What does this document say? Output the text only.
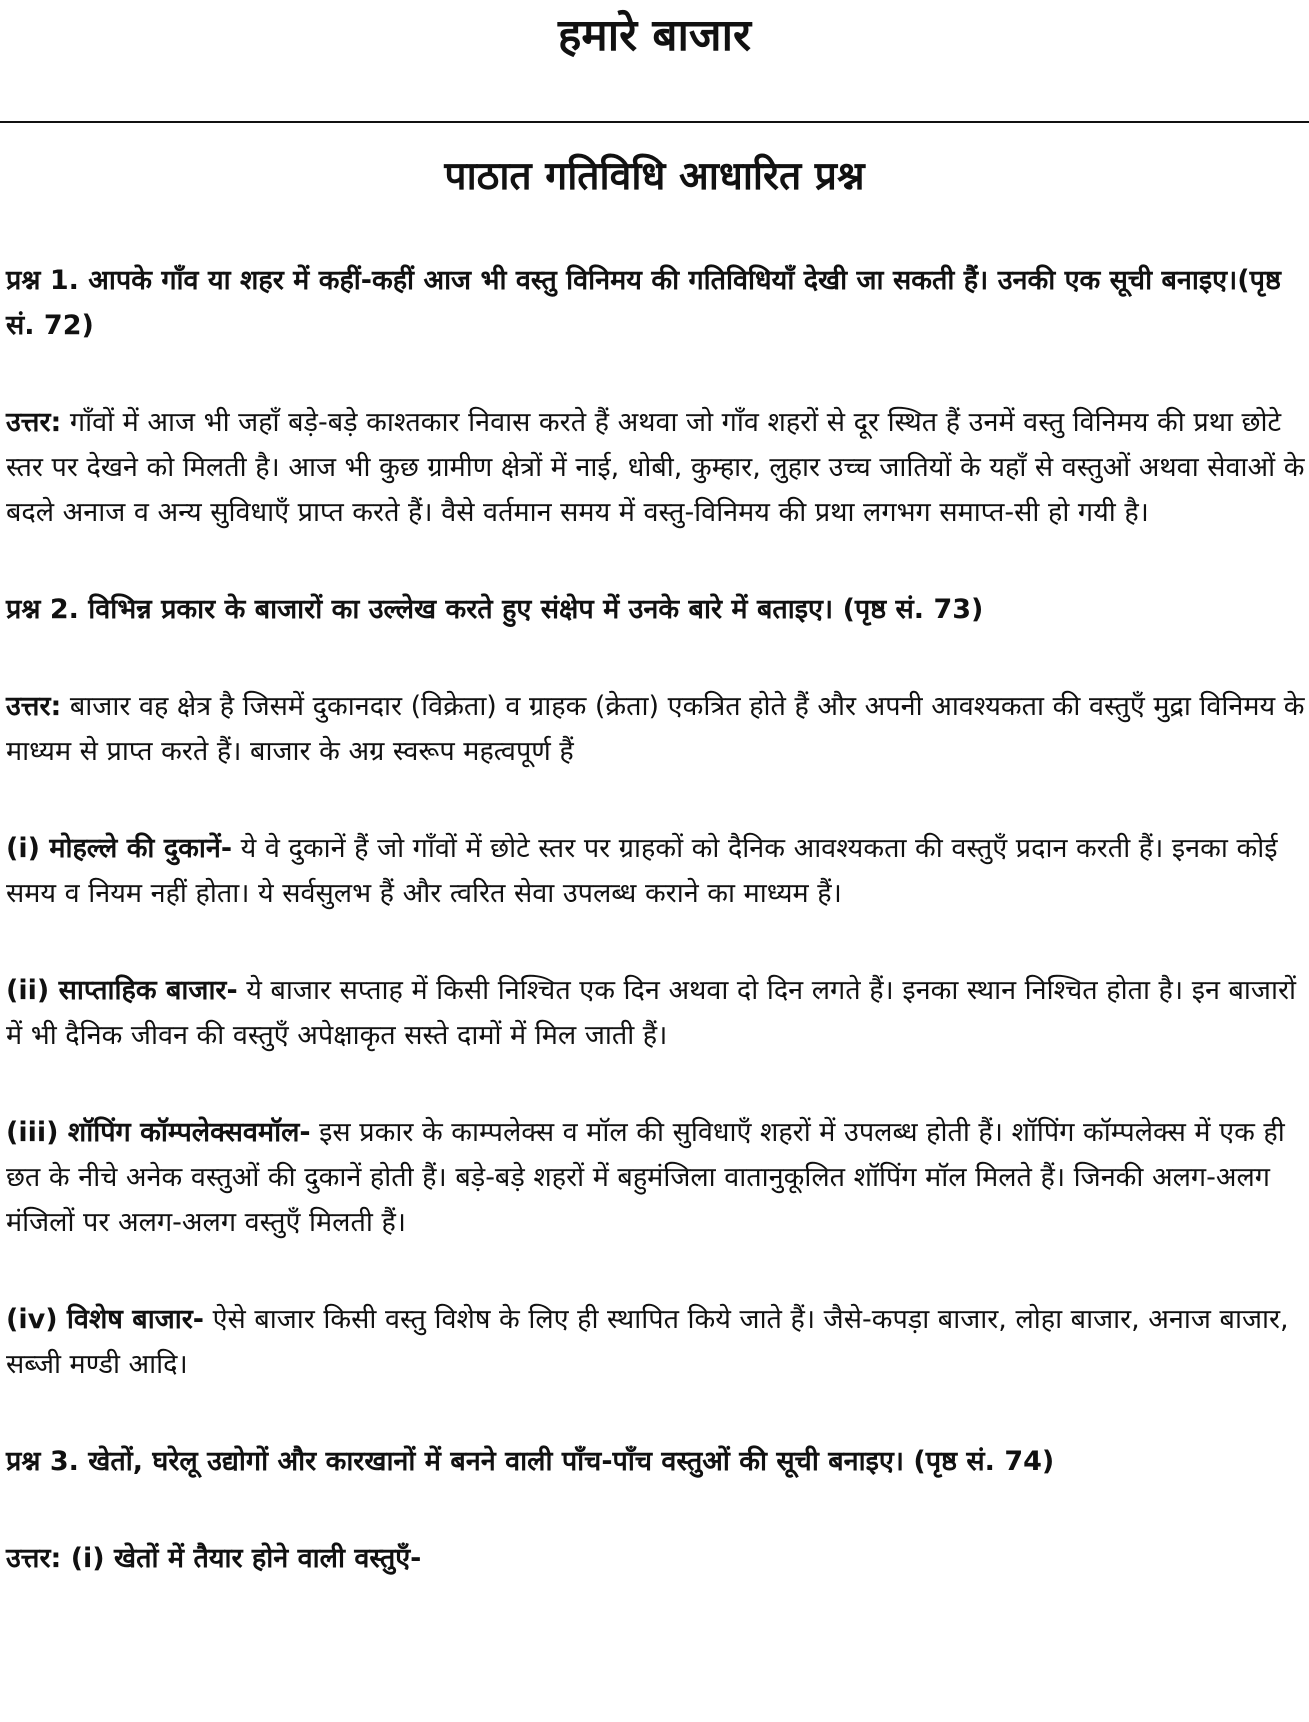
हमारे बाजार
पाठात गतिविधि आधारित प्रश्न

प्रश्न 1. आपके गाँव या शहर में कहीं-कहीं आज भी वस्तु विनिमय की गतिविधियाँ देखी जा सकती हैं। उनकी एक सूची बनाइए।(पृष्ठ सं. 72)

उत्तर: गाँवों में आज भी जहाँ बड़े-बड़े काश्तकार निवास करते हैं अथवा जो गाँव शहरों से दूर स्थित हैं उनमें वस्तु विनिमय की प्रथा छोटे स्तर पर देखने को मिलती है। आज भी कुछ ग्रामीण क्षेत्रों में नाई, धोबी, कुम्हार, लुहार उच्च जातियों के यहाँ से वस्तुओं अथवा सेवाओं के बदले अनाज व अन्य सुविधाएँ प्राप्त करते हैं। वैसे वर्तमान समय में वस्तु-विनिमय की प्रथा लगभग समाप्त-सी हो गयी है।

प्रश्न 2. विभिन्न प्रकार के बाजारों का उल्लेख करते हुए संक्षेप में उनके बारे में बताइए। (पृष्ठ सं. 73)

उत्तर: बाजार वह क्षेत्र है जिसमें दुकानदार (विक्रेता) व ग्राहक (क्रेता) एकत्रित होते हैं और अपनी आवश्यकता की वस्तुएँ मुद्रा विनिमय के माध्यम से प्राप्त करते हैं। बाजार के अग्र स्वरूप महत्वपूर्ण हैं

(i) मोहल्ले की दुकानें- ये वे दुकानें हैं जो गाँवों में छोटे स्तर पर ग्राहकों को दैनिक आवश्यकता की वस्तुएँ प्रदान करती हैं। इनका कोई समय व नियम नहीं होता। ये सर्वसुलभ हैं और त्वरित सेवा उपलब्ध कराने का माध्यम हैं।

(ii) साप्ताहिक बाजार- ये बाजार सप्ताह में किसी निश्चित एक दिन अथवा दो दिन लगते हैं। इनका स्थान निश्चित होता है। इन बाजारों में भी दैनिक जीवन की वस्तुएँ अपेक्षाकृत सस्ते दामों में मिल जाती हैं।

(iii) शॉपिंग कॉम्पलेक्सवमॉल- इस प्रकार के काम्पलेक्स व मॉल की सुविधाएँ शहरों में उपलब्ध होती हैं। शॉपिंग कॉम्पलेक्स में एक ही छत के नीचे अनेक वस्तुओं की दुकानें होती हैं। बड़े-बड़े शहरों में बहुमंजिला वातानुकूलित शॉपिंग मॉल मिलते हैं। जिनकी अलग-अलग मंजिलों पर अलग-अलग वस्तुएँ मिलती हैं।

(iv) विशेष बाजार- ऐसे बाजार किसी वस्तु विशेष के लिए ही स्थापित किये जाते हैं। जैसे-कपड़ा बाजार, लोहा बाजार, अनाज बाजार, सब्जी मण्डी आदि।

प्रश्न 3. खेतों, घरेलू उद्योगों और कारखानों में बनने वाली पाँच-पाँच वस्तुओं की सूची बनाइए। (पृष्ठ सं. 74)

उत्तर: (i) खेतों में तैयार होने वाली वस्तुएँ-
